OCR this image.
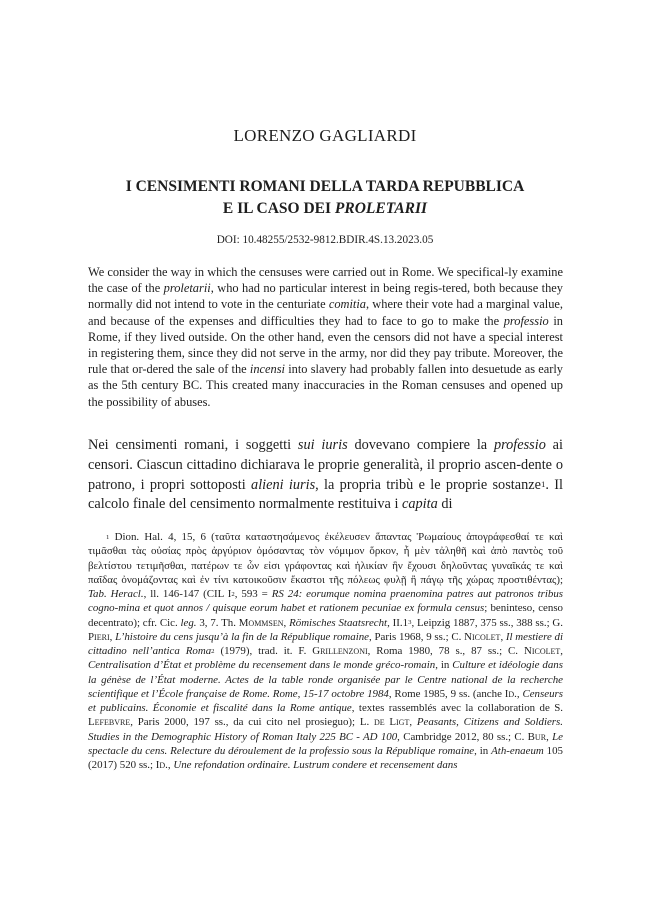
LORENZO GAGLIARDI
I CENSIMENTI ROMANI DELLA TARDA REPUBBLICA
E IL CASO DEI PROLETARII
DOI: 10.48255/2532-9812.BDIR.4S.13.2023.05

We consider the way in which the censuses were carried out in Rome. We specifical-ly examine the case of the proletarii, who had no particular interest in being regis-tered, both because they normally did not intend to vote in the centuriate comitia, where their vote had a marginal value, and because of the expenses and difficulties they had to face to go to make the professio in Rome, if they lived outside. On the other hand, even the censors did not have a special interest in registering them, since they did not serve in the army, nor did they pay tribute. Moreover, the rule that or-dered the sale of the incensi into slavery had probably fallen into desuetude as early as the 5th century BC. This created many inaccuracies in the Roman censuses and opened up the possibility of abuses.

Nei censimenti romani, i soggetti sui iuris dovevano compiere la professio ai censori. Ciascun cittadino dichiarava le proprie generalità, il proprio ascen-dente o patrono, i propri sottoposti alieni iuris, la propria tribù e le proprie sostanze$^1$. Il calcolo finale del censimento normalmente restituiva i capita di

$^1$ Dion. Hal. 4, 15, 6 (ταῦτα καταστησάμενος ἐκέλευσεν ἅπαντας Ῥωμαίους ἀπογράφεσθαί τε καὶ τιμᾶσθαι τὰς οὐσίας πρὸς ἀργύριον ὀμόσαντας τὸν νόμιμον ὅρκον, ἦ μὲν τἀληθῆ καὶ ἀπὸ παντὸς τοῦ βελτίστου τετιμῆσθαι, πατέρων τε ὧν εἰσι γράφοντας καὶ ἡλικίαν ἣν ἔχουσι δηλοῦντας γυναῖκάς τε καὶ παῖδας ὀνομάζοντας καὶ ἐν τίνι κατοικοῦσιν ἕκαστοι τῆς πόλεως φυλῇ ἢ πάγῳ τῆς χώρας προστιθέντας); Tab. Heracl., ll. 146-147 (CIL $I^2$, 593 = RS 24: eorumque nomina praenomina patres aut patronos tribus cogno-mina et quot annos / quisque eorum habet et rationem pecuniae ex formula census; beninteso, censo decentrato); cfr. Cic. leg. 3, 7. Th. Mommsen, Römisches Staatsrecht, $II.1^3$, Leipzig 1887, 375 ss., 388 ss.; G. Pieri, L’histoire du cens jusqu’à la fin de la République romaine, Paris 1968, 9 ss.; C. Nicolet, Il mestiere di cittadino nell’antica Roma$^2$ (1979), trad. it. F. Grillenzoni, Roma 1980, 78 s., 87 ss.; C. Nicolet, Centralisation d’État et problème du recensement dans le monde gréco-romain, in Culture et idéologie dans la génèse de l’État moderne. Actes de la table ronde organisée par le Centre national de la recherche scientifique et l’École française de Rome. Rome, 15-17 octobre 1984, Rome 1985, 9 ss. (anche Id., Censeurs et publicains. Économie et fiscalité dans la Rome antique, textes rassemblés avec la collaboration de S. Lefebvre, Paris 2000, 197 ss., da cui cito nel prosieguo); L. de Ligt, Peasants, Citizens and Soldiers. Studies in the Demographic History of Roman Italy 225 BC - AD 100, Cambridge 2012, 80 ss.; C. Bur, Le spectacle du cens. Relecture du déroulement de la professio sous la République romaine, in Ath-enaeum 105 (2017) 520 ss.; Id., Une refondation ordinaire. Lustrum condere et recensement dans
